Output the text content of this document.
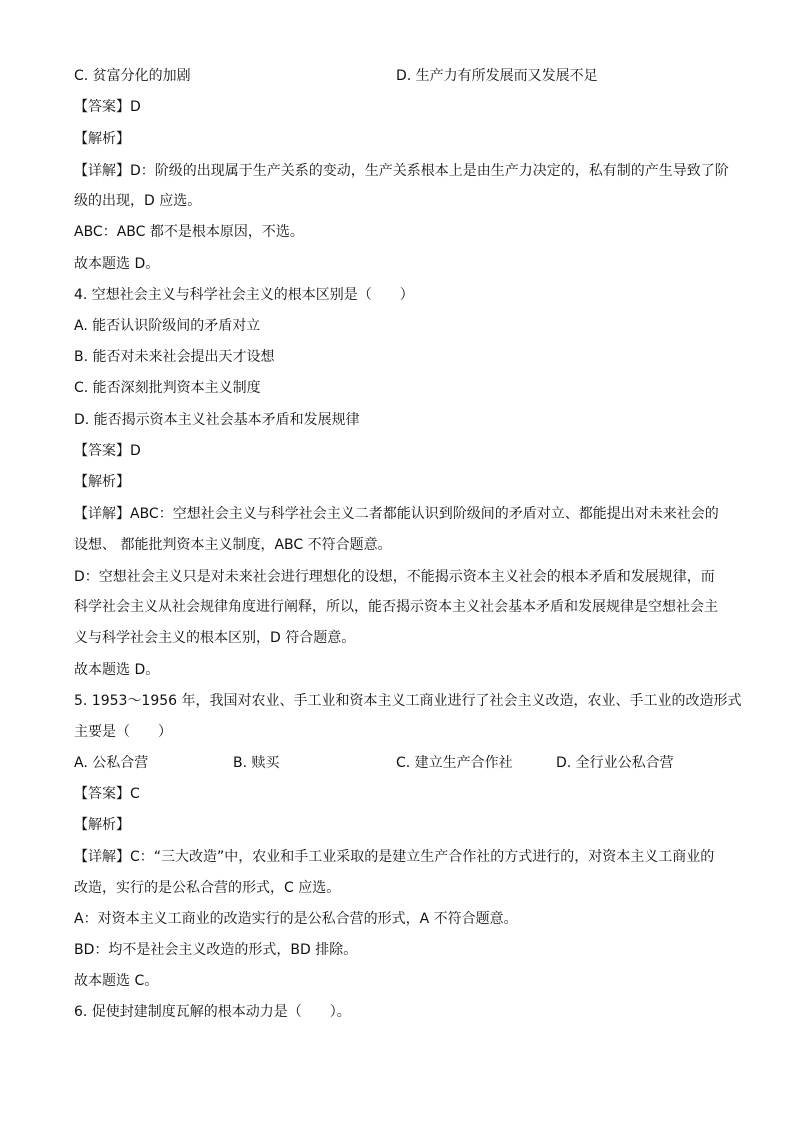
C. 贫富分化的加剧	D. 生产力有所发展而又发展不足
【答案】D
【解析】
【详解】D：阶级的出现属于生产关系的变动，生产关系根本上是由生产力决定的，私有制的产生导致了阶
级的出现，D 应选。
ABC：ABC 都不是根本原因，不选。
故本题选 D。
4. 空想社会主义与科学社会主义的根本区别是（　　）
A. 能否认识阶级间的矛盾对立
B. 能否对未来社会提出天才设想
C. 能否深刻批判资本主义制度
D. 能否揭示资本主义社会基本矛盾和发展规律
【答案】D
【解析】
【详解】ABC：空想社会主义与科学社会主义二者都能认识到阶级间的矛盾对立、都能提出对未来社会的
设想、 都能批判资本主义制度，ABC 不符合题意。
D：空想社会主义只是对未来社会进行理想化的设想，不能揭示资本主义社会的根本矛盾和发展规律，而
科学社会主义从社会规律角度进行阐释，所以，能否揭示资本主义社会基本矛盾和发展规律是空想社会主
义与科学社会主义的根本区别，D 符合题意。
故本题选 D。
5. 1953～1956 年，我国对农业、手工业和资本主义工商业进行了社会主义改造，农业、手工业的改造形式
主要是（　　）
A. 公私合营	B. 赎买	C. 建立生产合作社	D. 全行业公私合营
【答案】C
【解析】
【详解】C：“三大改造”中，农业和手工业采取的是建立生产合作社的方式进行的，对资本主义工商业的
改造，实行的是公私合营的形式，C 应选。
A：对资本主义工商业的改造实行的是公私合营的形式，A 不符合题意。
BD：均不是社会主义改造的形式，BD 排除。
故本题选 C。
6. 促使封建制度瓦解的根本动力是（　　）。
